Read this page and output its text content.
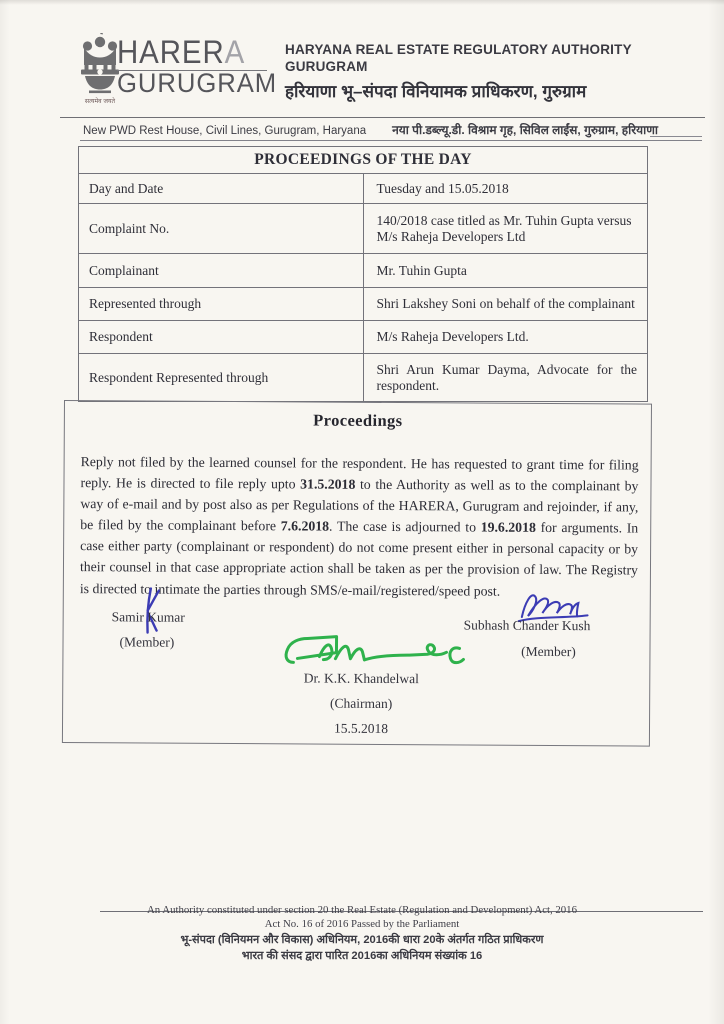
सत्यमेव जयते
HARERA
GURUGRAM
HARYANA REAL ESTATE REGULATORY AUTHORITY
GURUGRAM
हरियाणा भू–संपदा विनियामक प्राधिकरण, गुरुग्राम
New PWD Rest House, Civil Lines, Gurugram, Haryana नया पी.डब्ल्यू.डी. विश्राम गृह, सिविल लाईंस, गुरुग्राम, हरियाणा
PROCEEDINGS OF THE DAY	
Day and Date	Tuesday and 15.05.2018
Complaint No.	140/2018 case titled as Mr. Tuhin Gupta versus M/s Raheja Developers Ltd
Complainant	Mr. Tuhin Gupta
Represented through	Shri Lakshey Soni on behalf of the complainant
Respondent	M/s Raheja Developers Ltd.
Respondent Represented through	Shri Arun Kumar Dayma, Advocate for the respondent.
Proceedings
Reply not filed by the learned counsel for the respondent. He has requested to grant time for filing reply. He is directed to file reply upto 31.5.2018 to the Authority as well as to the complainant by way of e-mail and by post also as per Regulations of the HARERA, Gurugram and rejoinder, if any, be filed by the complainant before 7.6.2018. The case is adjourned to 19.6.2018 for arguments. In case either party (complainant or respondent) do not come present either in personal capacity or by their counsel in that case appropriate action shall be taken as per the provision of law. The Registry is directed to intimate the parties through SMS/e-mail/registered/speed post.
Samir Kumar
(Member)
Subhash Chander Kush
(Member)
Dr. K.K. Khandelwal
(Chairman)
15.5.2018
An Authority constituted under section 20 the Real Estate (Regulation and Development) Act, 2016
Act No. 16 of 2016 Passed by the Parliament
भू-संपदा (विनियमन और विकास) अधिनियम, 2016की धारा 20के अंतर्गत गठित प्राधिकरण
भारत की संसद द्वारा पारित 2016का अधिनियम संख्यांक 16
